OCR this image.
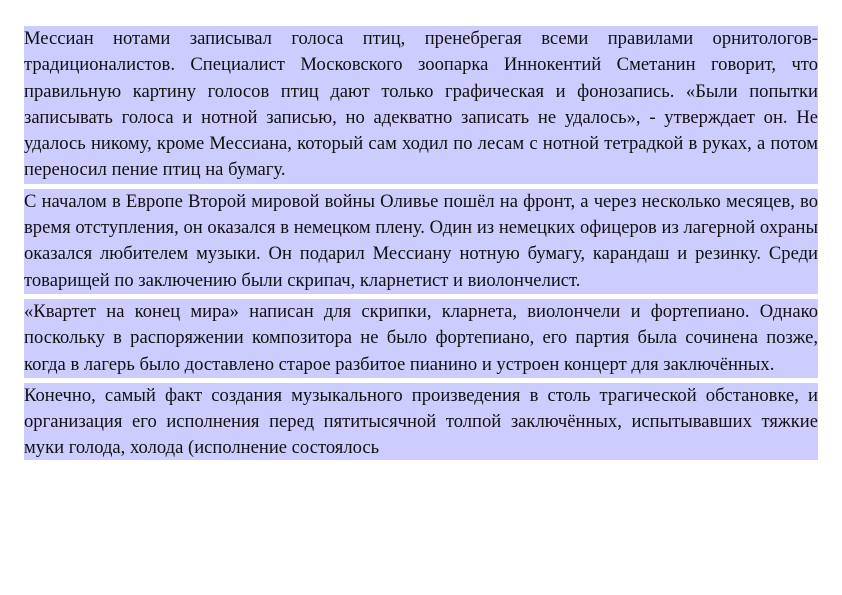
Мессиан нотами записывал голоса птиц, пренебрегая всеми правилами орнитологов-традиционалистов. Специалист Московского зоопарка Иннокентий Сметанин говорит, что правильную картину голосов птиц дают только графическая и фонозапись. «Были попытки записывать голоса и нотной записью, но адекватно записать не удалось», - утверждает он. Не удалось никому, кроме Мессиана, который сам ходил по лесам с нотной тетрадкой в руках, а потом переносил пение птиц на бумагу.

С началом в Европе Второй мировой войны Оливье пошёл на фронт, а через несколько месяцев, во время отступления, он оказался в немецком плену. Один из немецких офицеров из лагерной охраны оказался любителем музыки. Он подарил Мессиану нотную бумагу, карандаш и резинку. Среди товарищей по заключению были скрипач, кларнетист и виолончелист.

«Квартет на конец мира» написан для скрипки, кларнета, виолончели и фортепиано. Однако поскольку в распоряжении композитора не было фортепиано, его партия была сочинена позже, когда в лагерь было доставлено старое разбитое пианино и устроен концерт для заключённых.

Конечно, самый факт создания музыкального произведения в столь трагической обстановке, и организация его исполнения перед пятитысячной толпой заключённых, испытывавших тяжкие муки голода, холода (исполнение состоялось
